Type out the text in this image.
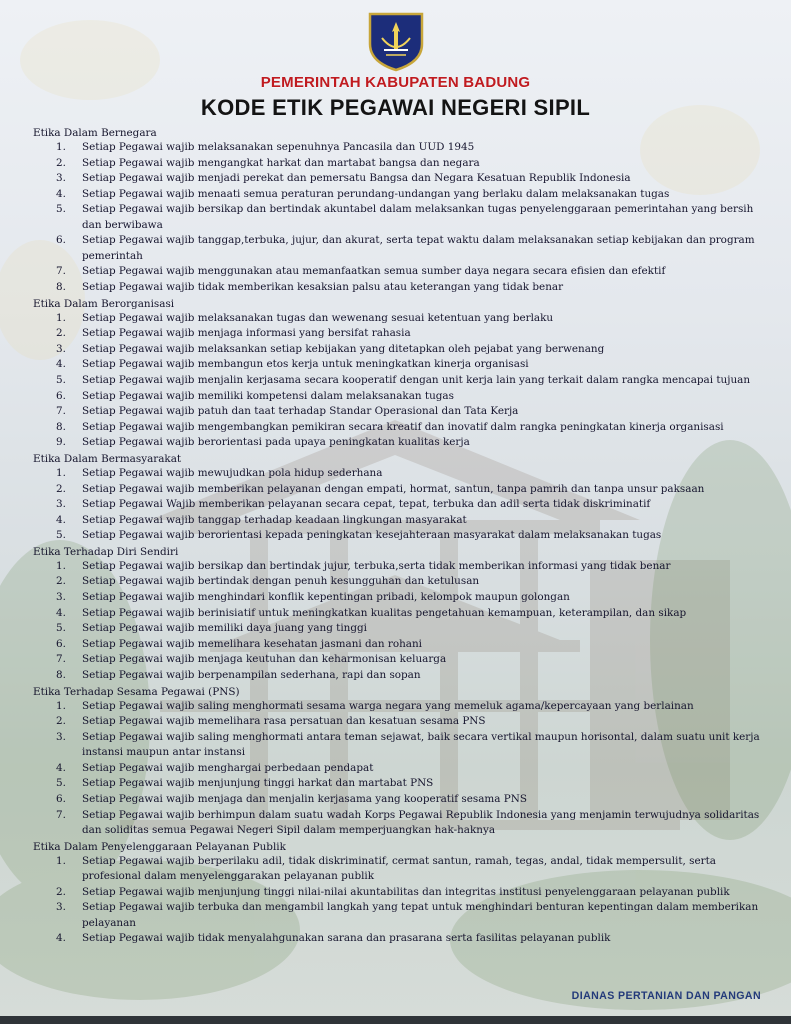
PEMERINTAH KABUPATEN BADUNG
KODE ETIK PEGAWAI NEGERI SIPIL
Etika Dalam Bernegara
1. Setiap Pegawai wajib melaksanakan sepenuhnya Pancasila dan UUD 1945
2. Setiap Pegawai wajib mengangkat harkat dan martabat bangsa dan negara
3. Setiap Pegawai wajib menjadi perekat dan pemersatu Bangsa dan Negara Kesatuan Republik Indonesia
4. Setiap Pegawai wajib menaati semua peraturan perundang-undangan yang berlaku dalam melaksanakan tugas
5. Setiap Pegawai wajib bersikap dan bertindak akuntabel dalam melaksankan tugas penyelenggaraan pemerintahan yang bersih dan berwibawa
6. Setiap Pegawai wajib tanggap,terbuka, jujur, dan akurat, serta tepat waktu dalam melaksanakan setiap kebijakan dan program pemerintah
7. Setiap Pegawai wajib menggunakan atau memanfaatkan semua sumber daya negara secara efisien dan efektif
8. Setiap Pegawai wajib tidak memberikan kesaksian palsu atau keterangan yang tidak benar
Etika Dalam Berorganisasi
1. Setiap Pegawai wajib melaksanakan tugas dan wewenang sesuai ketentuan yang berlaku
2. Setiap Pegawai wajib menjaga informasi yang bersifat rahasia
3. Setiap Pegawai wajib melaksankan setiap kebijakan yang ditetapkan oleh pejabat yang berwenang
4. Setiap Pegawai wajib membangun etos kerja untuk meningkatkan kinerja organisasi
5. Setiap Pegawai wajib menjalin kerjasama secara kooperatif dengan unit kerja lain yang terkait dalam rangka mencapai tujuan
6. Setiap Pegawai wajib memiliki kompetensi dalam melaksanakan tugas
7. Setiap Pegawai wajib patuh dan taat terhadap Standar Operasional dan Tata Kerja
8. Setiap Pegawai wajib mengembangkan pemikiran secara kreatif dan inovatif dalm rangka peningkatan kinerja organisasi
9. Setiap Pegawai wajib berorientasi pada upaya peningkatan kualitas kerja
Etika Dalam Bermasyarakat
1. Setiap Pegawai wajib mewujudkan pola hidup sederhana
2. Setiap Pegawai wajib memberikan pelayanan dengan empati, hormat, santun, tanpa pamrih dan tanpa unsur paksaan
3. Setiap Pegawai Wajib memberikan pelayanan secara cepat, tepat, terbuka dan adil serta tidak diskriminatif
4. Setiap Pegawai wajib tanggap terhadap keadaan lingkungan masyarakat
5. Setiap Pegawai wajib berorientasi kepada peningkatan kesejahteraan masyarakat dalam melaksanakan tugas
Etika Terhadap Diri Sendiri
1. Setiap Pegawai wajib bersikap dan bertindak jujur, terbuka,serta tidak memberikan informasi yang tidak benar
2. Setiap Pegawai wajib bertindak dengan penuh kesungguhan dan ketulusan
3. Setiap Pegawai wajib menghindari konflik kepentingan pribadi, kelompok maupun golongan
4. Setiap Pegawai wajib berinisiatif untuk meningkatkan kualitas pengetahuan kemampuan, keterampilan, dan sikap
5. Setiap Pegawai wajib memiliki daya juang yang tinggi
6. Setiap Pegawai wajib memelihara kesehatan jasmani dan rohani
7. Setiap Pegawai wajib menjaga keutuhan dan keharmonisan keluarga
8. Setiap Pegawai wajib berpenampilan sederhana, rapi dan sopan
Etika Terhadap Sesama Pegawai (PNS)
1. Setiap Pegawai wajib saling menghormati sesama warga negara yang memeluk agama/kepercayaan yang berlainan
2. Setiap Pegawai wajib memelihara rasa persatuan dan kesatuan sesama PNS
3. Setiap Pegawai wajib saling menghormati antara teman sejawat, baik secara vertikal maupun horisontal, dalam suatu unit kerja instansi maupun antar instansi
4. Setiap Pegawai wajib menghargai perbedaan pendapat
5. Setiap Pegawai wajib menjunjung tinggi harkat dan martabat PNS
6. Setiap Pegawai wajib menjaga dan menjalin kerjasama yang kooperatif sesama PNS
7. Setiap Pegawai wajib berhimpun dalam suatu wadah Korps Pegawai Republik Indonesia yang menjamin terwujudnya solidaritas dan soliditas semua Pegawai Negeri Sipil dalam memperjuangkan hak-haknya
Etika Dalam Penyelenggaraan Pelayanan Publik
1. Setiap Pegawai wajib berperilaku adil, tidak diskriminatif, cermat santun, ramah, tegas, andal, tidak mempersulit, serta profesional dalam menyelenggarakan pelayanan publik
2. Setiap Pegawai wajib menjunjung tinggi nilai-nilai akuntabilitas dan integritas institusi penyelenggaraan pelayanan publik
3. Setiap Pegawai wajib terbuka dan mengambil langkah yang tepat untuk menghindari benturan kepentingan dalam memberikan pelayanan
4. Setiap Pegawai wajib tidak menyalahgunakan sarana dan prasarana serta fasilitas pelayanan publik
DIANAS PERTANIAN DAN PANGAN
